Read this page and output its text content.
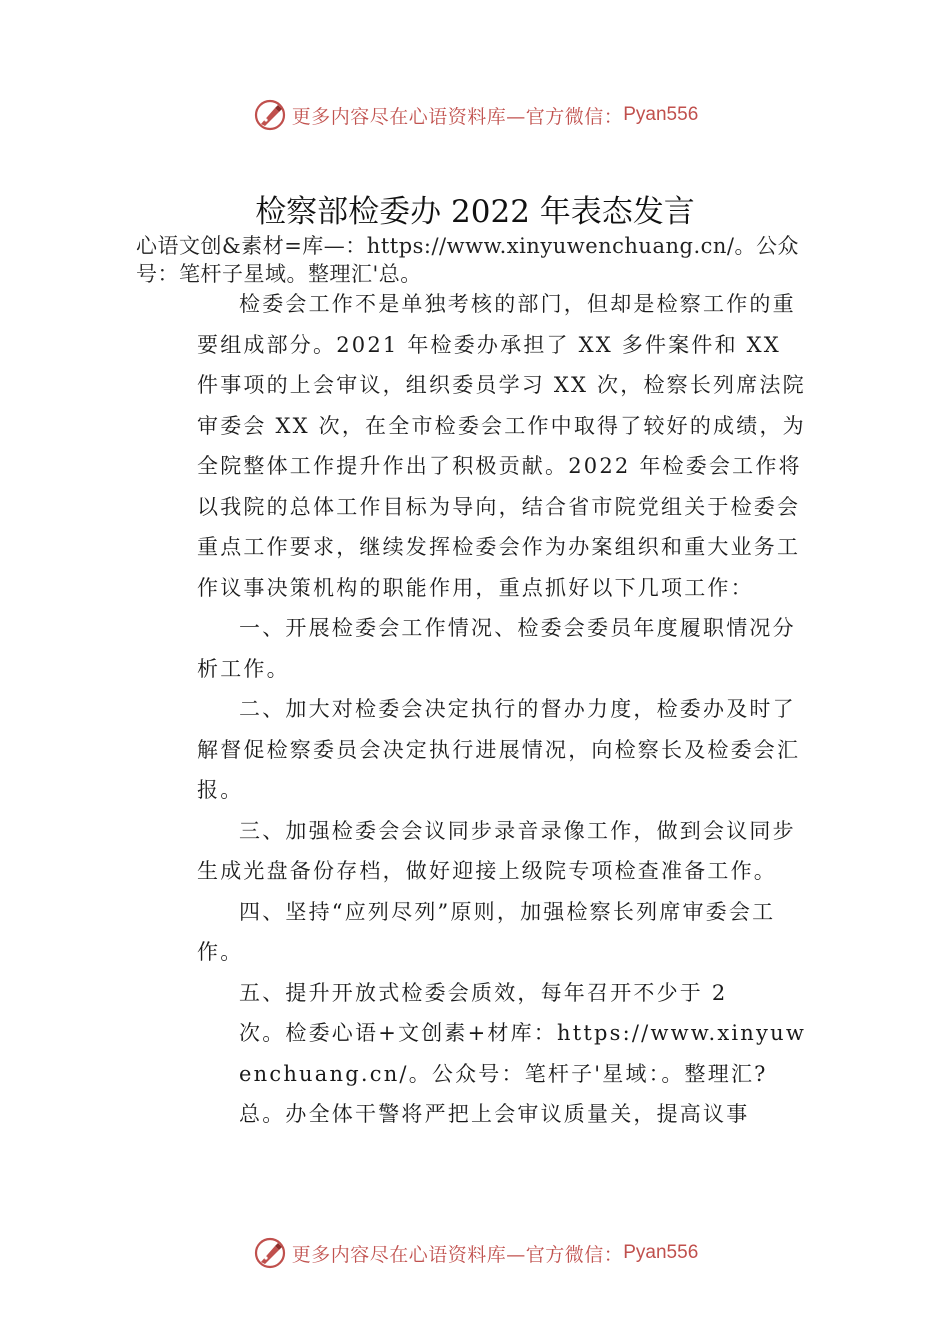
更多内容尽在心语资料库—官方微信： Pyan556
检察部检委办 2022 年表态发言
心语文创&素材=库—：https://www.xinyuwenchuang.cn/。公众号：笔杆子星域。整理汇'总。

检委会工作不是单独考核的部门，但却是检察工作的重要组成部分。2021 年检委办承担了 XX 多件案件和 XX 件事项的上会审议，组织委员学习 XX 次，检察长列席法院审委会 XX 次，在全市检委会工作中取得了较好的成绩，为全院整体工作提升作出了积极贡献。2022 年检委会工作将以我院的总体工作目标为导向，结合省市院党组关于检委会重点工作要求，继续发挥检委会作为办案组织和重大业务工作议事决策机构的职能作用，重点抓好以下几项工作：

一、开展检委会工作情况、检委会委员年度履职情况分析工作。

二、加大对检委会决定执行的督办力度，检委办及时了解督促检察委员会决定执行进展情况，向检察长及检委会汇报。

三、加强检委会会议同步录音录像工作，做到会议同步生成光盘备份存档，做好迎接上级院专项检查准备工作。

四、坚持“应列尽列”原则，加强检察长列席审委会工作。

五、提升开放式检委会质效，每年召开不少于 2

次。检委心语+文创素+材库：https://www.xinyuwenchuang.cn/。公众号：笔杆子'星域：。整理汇?总。办全体干警将严把上会审议质量关，提高议事

更多内容尽在心语资料库—官方微信： Pyan556
